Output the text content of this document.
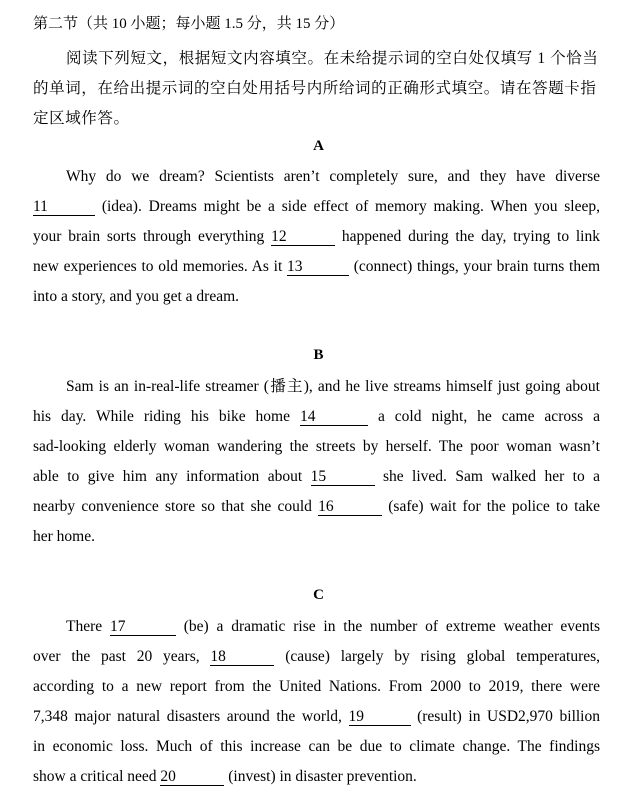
第二节（共 10 小题；每小题 1.5 分，共 15 分）
阅读下列短文，根据短文内容填空。在未给提示词的空白处仅填写 1 个恰当
的单词，在给出提示词的空白处用括号内所给词的正确形式填空。请在答题卡指
定区域作答。
A
Why do we dream? Scientists aren’t completely sure, and they have diverse
11	(idea). Dreams might be a side effect of memory making. When you sleep,
your brain sorts through everything 12	happened during the day, trying to link
new experiences to old memories. As it 13	(connect) things, your brain turns them
into a story, and you get a dream.
B
Sam is an in-real-life streamer (播主), and he live streams himself just going about
his day. While riding his bike home 14	a cold night, he came across a
sad-looking elderly woman wandering the streets by herself. The poor woman wasn’t
able to give him any information about 15	she lived. Sam walked her to a
nearby convenience store so that she could 16	(safe) wait for the police to take
her home.
C
There 17	(be) a dramatic rise in the number of extreme weather events
over the past 20 years, 18	(cause) largely by rising global temperatures,
according to a new report from the United Nations. From 2000 to 2019, there were
7,348 major natural disasters around the world, 19	(result) in USD2,970 billion
in economic loss. Much of this increase can be due to climate change. The findings
show a critical need 20	(invest) in disaster prevention.
